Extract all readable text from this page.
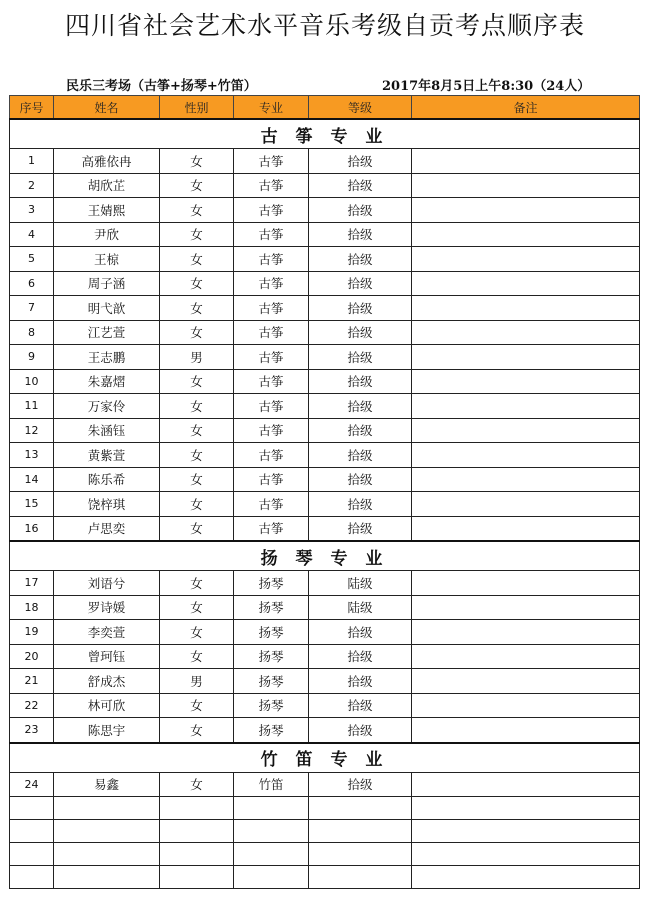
四川省社会艺术水平音乐考级自贡考点顺序表
民乐三考场（古筝+扬琴+竹笛）	2017年8月5日上午8:30（24人）
序号	姓名	性别	专业	等级	备注
古 筝 专 业					
1	高雅依冉	女	古筝	拾级	
2	胡欣芷	女	古筝	拾级	
3	王婧熙	女	古筝	拾级	
4	尹欣	女	古筝	拾级	
5	王椋	女	古筝	拾级	
6	周子涵	女	古筝	拾级	
7	明弋歆	女	古筝	拾级	
8	江艺萱	女	古筝	拾级	
9	王志鹏	男	古筝	拾级	
10	朱嘉熠	女	古筝	拾级	
11	万家伶	女	古筝	拾级	
12	朱涵钰	女	古筝	拾级	
13	黄紫萱	女	古筝	拾级	
14	陈乐希	女	古筝	拾级	
15	饶梓琪	女	古筝	拾级	
16	卢思奕	女	古筝	拾级	
扬 琴 专 业					
17	刘语兮	女	扬琴	陆级	
18	罗诗媛	女	扬琴	陆级	
19	李奕萱	女	扬琴	拾级	
20	曾珂钰	女	扬琴	拾级	
21	舒成杰	男	扬琴	拾级	
22	林可欣	女	扬琴	拾级	
23	陈思宇	女	扬琴	拾级	
竹 笛 专 业					
24	易鑫	女	竹笛	拾级	
